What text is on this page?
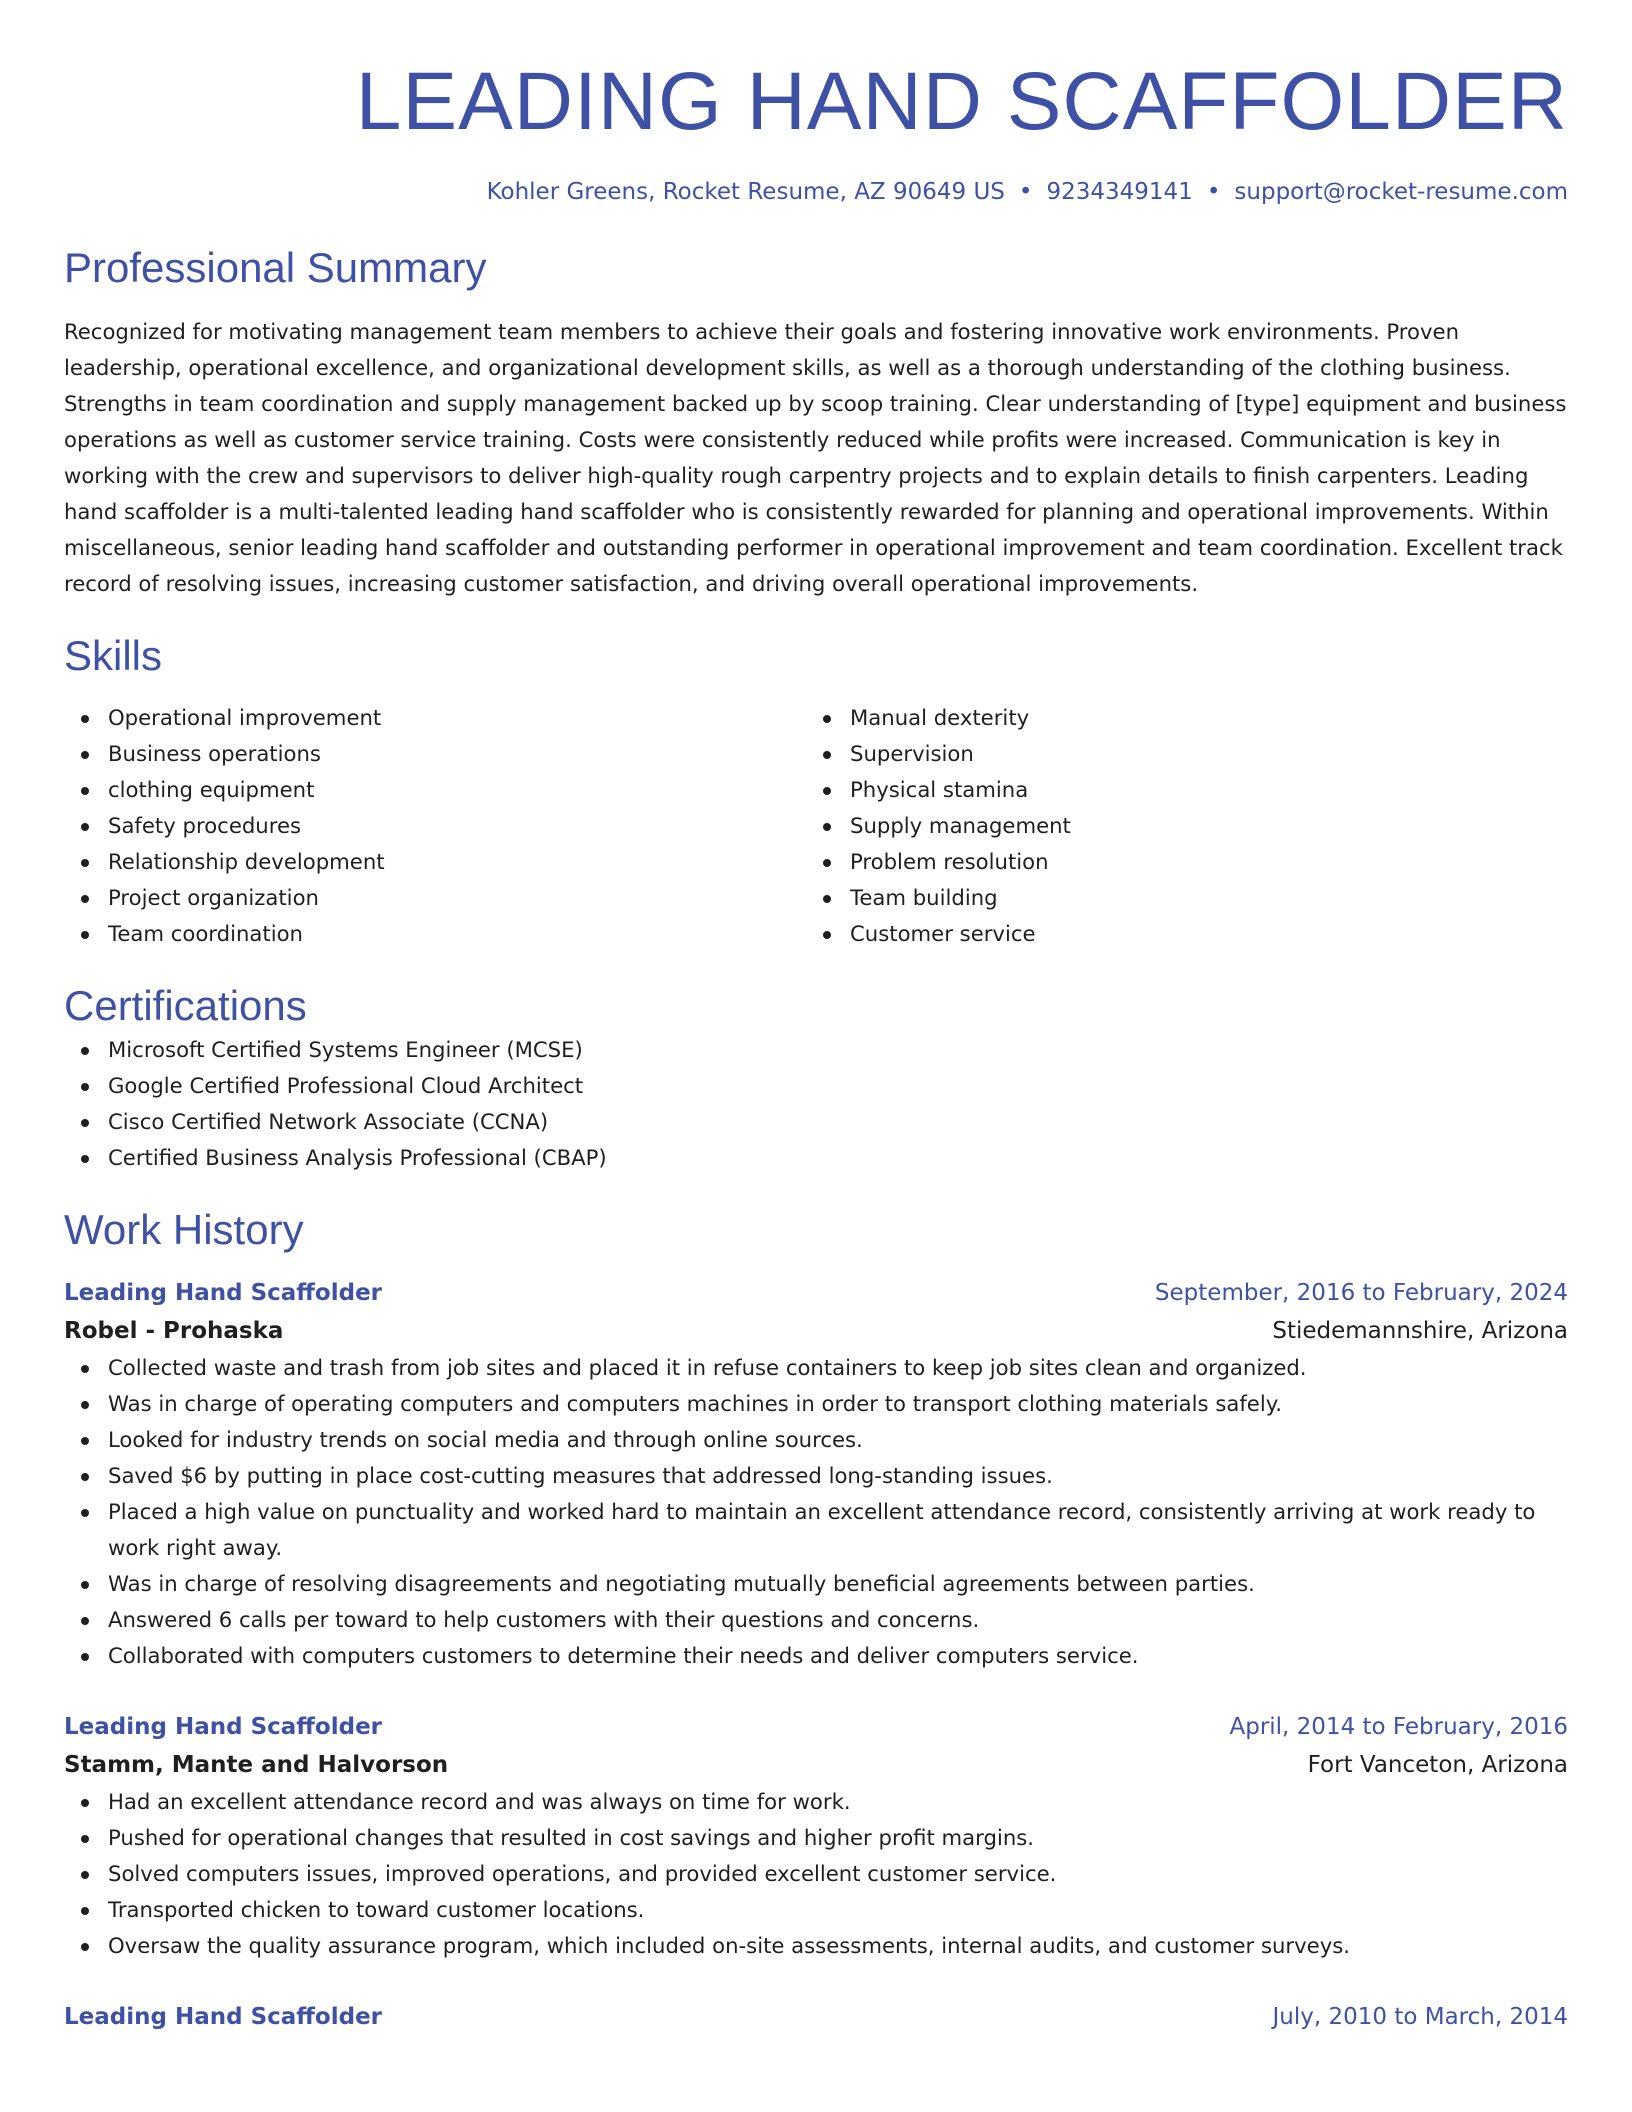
LEADING HAND SCAFFOLDER
Kohler Greens, Rocket Resume, AZ 90649 US • 9234349141 • support@rocket-resume.com
Professional Summary

Recognized for motivating management team members to achieve their goals and fostering innovative work environments. Proven leadership, operational excellence, and organizational development skills, as well as a thorough understanding of the clothing business. Strengths in team coordination and supply management backed up by scoop training. Clear understanding of [type] equipment and business operations as well as customer service training. Costs were consistently reduced while profits were increased. Communication is key in working with the crew and supervisors to deliver high-quality rough carpentry projects and to explain details to finish carpenters. Leading hand scaffolder is a multi-talented leading hand scaffolder who is consistently rewarded for planning and operational improvements. Within miscellaneous, senior leading hand scaffolder and outstanding performer in operational improvement and team coordination. Excellent track record of resolving issues, increasing customer satisfaction, and driving overall operational improvements.

Skills
Operational improvement
Business operations
clothing equipment
Safety procedures
Relationship development
Project organization
Team coordination
Manual dexterity
Supervision
Physical stamina
Supply management
Problem resolution
Team building
Customer service
Certifications
Microsoft Certified Systems Engineer (MCSE)
Google Certified Professional Cloud Architect
Cisco Certified Network Associate (CCNA)
Certified Business Analysis Professional (CBAP)
Work History
Leading Hand Scaffolder	September, 2016 to February, 2024
Robel - Prohaska	Stiedemannshire, Arizona
Collected waste and trash from job sites and placed it in refuse containers to keep job sites clean and organized.
Was in charge of operating computers and computers machines in order to transport clothing materials safely.
Looked for industry trends on social media and through online sources.
Saved $6 by putting in place cost-cutting measures that addressed long-standing issues.
Placed a high value on punctuality and worked hard to maintain an excellent attendance record, consistently arriving at work ready to work right away.
Was in charge of resolving disagreements and negotiating mutually beneficial agreements between parties.
Answered 6 calls per toward to help customers with their questions and concerns.
Collaborated with computers customers to determine their needs and deliver computers service.
Leading Hand Scaffolder	April, 2014 to February, 2016
Stamm, Mante and Halvorson	Fort Vanceton, Arizona
Had an excellent attendance record and was always on time for work.
Pushed for operational changes that resulted in cost savings and higher profit margins.
Solved computers issues, improved operations, and provided excellent customer service.
Transported chicken to toward customer locations.
Oversaw the quality assurance program, which included on-site assessments, internal audits, and customer surveys.
Leading Hand Scaffolder	July, 2010 to March, 2014
